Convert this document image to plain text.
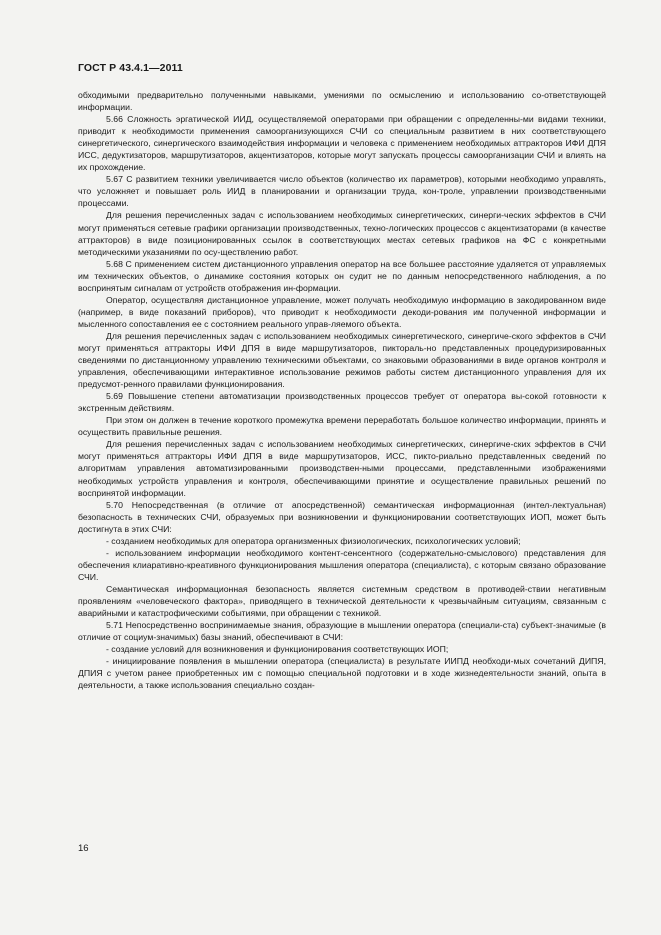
ГОСТ Р 43.4.1—2011

обходимыми предварительно полученными навыками, умениями по осмыслению и использованию со-ответствующей информации.

5.66 Сложность эргатической ИИД, осуществляемой операторами при обращении с определенны-ми видами техники, приводит к необходимости применения самоорганизующихся СЧИ со специальным развитием в них соответствующего синергетического, синергического взаимодействия информации и человека с применением необходимых аттракторов ИФИ ДПЯ ИСС, дедуктизаторов, маршрутизаторов, акцентизаторов, которые могут запускать процессы самоорганизации СЧИ и влиять на их прохождение.

5.67 С развитием техники увеличивается число объектов (количество их параметров), которыми необходимо управлять, что усложняет и повышает роль ИИД в планировании и организации труда, кон-троле, управлении производственными процессами.

Для решения перечисленных задач с использованием необходимых синергетических, синерги-ческих эффектов в СЧИ могут применяться сетевые графики организации производственных, техно-логических процессов с акцентизаторами (в качестве аттракторов) в виде позиционированных ссылок в соответствующих местах сетевых графиков на ФС с конкретными методическими указаниями по осу-ществлению работ.

5.68 С применением систем дистанционного управления оператор на все большее расстояние удаляется от управляемых им технических объектов, о динамике состояния которых он судит не по данным непосредственного наблюдения, а по воспринятым сигналам от устройств отображения ин-формации.

Оператор, осуществляя дистанционное управление, может получать необходимую информацию в закодированном виде (например, в виде показаний приборов), что приводит к необходимости декоди-рования им полученной информации и мысленного сопоставления ее с состоянием реального управ-ляемого объекта.

Для решения перечисленных задач с использованием необходимых синергетического, синергиче-ского эффектов в СЧИ могут применяться аттракторы ИФИ ДПЯ в виде маршрутизаторов, пиктораль-но представленных процедуризированных сведениями по дистанционному управлению техническими объектами, со знаковыми образованиями в виде органов контроля и управления, обеспечивающими интерактивное использование режимов работы систем дистанционного управления для их предусмот-ренного правилами функционирования.

5.69 Повышение степени автоматизации производственных процессов требует от оператора вы-сокой готовности к экстренным действиям.

При этом он должен в течение короткого промежутка времени переработать большое количество информации, принять и осуществить правильные решения.

Для решения перечисленных задач с использованием необходимых синергетических, синергиче-ских эффектов в СЧИ могут применяться аттракторы ИФИ ДПЯ в виде маршрутизаторов, ИСС, пикто-риально представленных сведений по алгоритмам управления автоматизированными производствен-ными процессами, представленными изображениями необходимых устройств управления и контроля, обеспечивающими принятие и осуществление правильных решений по воспринятой информации.

5.70 Непосредственная (в отличие от апосредственной) семантическая информационная (интел-лектуальная) безопасность в технических СЧИ, образуемых при возникновении и функционировании соответствующих ИОП, может быть достигнута в этих СЧИ:

- созданием необходимых для оператора организменных физиологических, психологических условий;

- использованием информации необходимого контент-сенсентного (содержательно-смыслового) представления для обеспечения клиаративно-креативного функционирования мышления оператора (специалиста), с которым связано образование СЧИ.

Семантическая информационная безопасность является системным средством в противодей-ствии негативным проявлениям «человеческого фактора», приводящего в технической деятельности к чрезвычайным ситуациям, связанным с аварийными и катастрофическими событиями, при обращении с техникой.

5.71 Непосредственно воспринимаемые знания, образующие в мышлении оператора (специали-ста) субъект-значимые (в отличие от социум-значимых) базы знаний, обеспечивают в СЧИ:

- создание условий для возникновения и функционирования соответствующих ИОП;

- инициирование появления в мышлении оператора (специалиста) в результате ИИПД необходи-мых сочетаний ДИПЯ, ДПИЯ с учетом ранее приобретенных им с помощью специальной подготовки и в ходе жизнедеятельности знаний, опыта в деятельности, а также использования специально создан-

16
